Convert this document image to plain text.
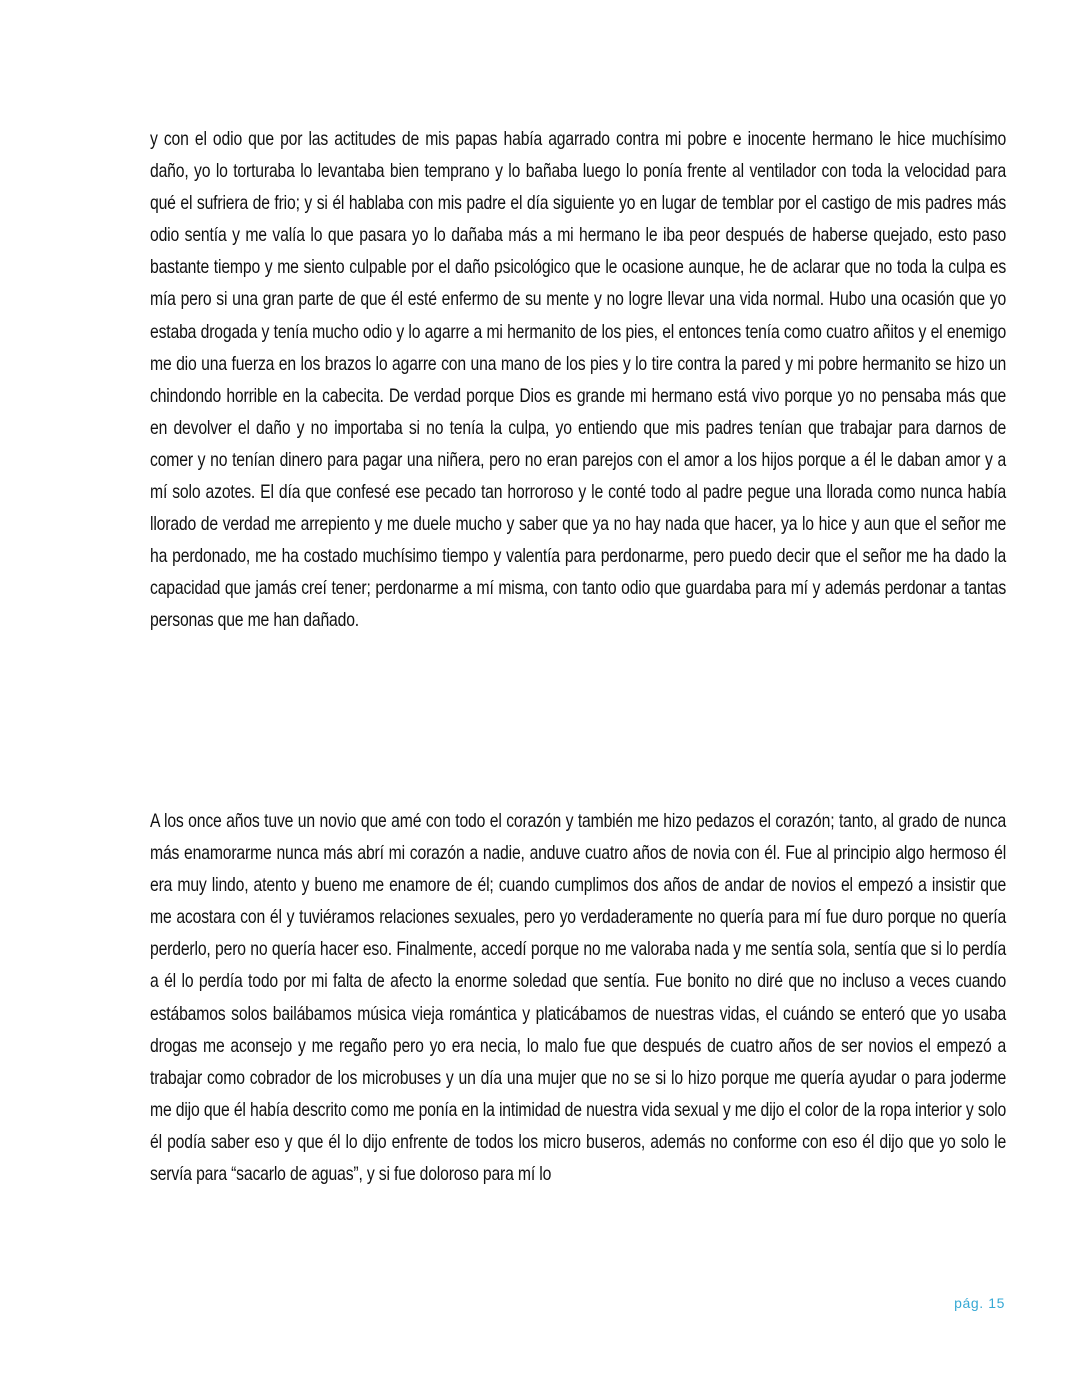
y con el odio que por las actitudes de mis papas había agarrado contra mi pobre e inocente hermano le hice muchísimo daño, yo lo torturaba lo levantaba bien temprano y lo bañaba luego lo ponía frente al ventilador con toda la velocidad para qué el sufriera de frio; y si él hablaba con mis padre el día siguiente yo en lugar de temblar por el castigo de mis padres más odio sentía y me valía lo que pasara yo lo dañaba más a mi hermano le iba peor después de haberse quejado, esto paso bastante tiempo y me siento culpable por el daño psicológico que le ocasione aunque, he de aclarar que no toda la culpa es mía pero si una gran parte de que él esté enfermo de su mente y no logre llevar una vida normal. Hubo una ocasión que yo estaba drogada y tenía mucho odio y lo agarre a mi hermanito de los pies, el entonces tenía como cuatro añitos y el enemigo me dio una fuerza en los brazos lo agarre con una mano de los pies y lo tire contra la pared y mi pobre hermanito se hizo un chindondo horrible en la cabecita. De verdad porque Dios es grande mi hermano está vivo porque yo no pensaba más que en devolver el daño y no importaba si no tenía la culpa, yo entiendo que mis padres tenían que trabajar para darnos de comer y no tenían dinero para pagar una niñera, pero no eran parejos con el amor a los hijos porque a él le daban amor y a mí solo azotes. El día que confesé ese pecado tan horroroso y le conté todo al padre pegue una llorada como nunca había llorado de verdad me arrepiento y me duele mucho y saber que ya no hay nada que hacer, ya lo hice y aun que el señor me ha perdonado, me ha costado muchísimo tiempo y valentía para perdonarme, pero puedo decir que el señor me ha dado la capacidad que jamás creí tener; perdonarme a mí misma, con tanto odio que guardaba para mí y además perdonar a tantas personas que me han dañado.

A los once años tuve un novio que amé con todo el corazón y también me hizo pedazos el corazón; tanto, al grado de nunca más enamorarme nunca más abrí mi corazón a nadie, anduve cuatro años de novia con él. Fue al principio algo hermoso él era muy lindo, atento y bueno me enamore de él; cuando cumplimos dos años de andar de novios el empezó a insistir que me acostara con él y tuviéramos relaciones sexuales, pero yo verdaderamente no quería para mí fue duro porque no quería perderlo, pero no quería hacer eso. Finalmente, accedí porque no me valoraba nada y me sentía sola, sentía que si lo perdía a él lo perdía todo por mi falta de afecto la enorme soledad que sentía. Fue bonito no diré que no incluso a veces cuando estábamos solos bailábamos música vieja romántica y platicábamos de nuestras vidas, el cuándo se enteró que yo usaba drogas me aconsejo y me regaño pero yo era necia, lo malo fue que después de cuatro años de ser novios el empezó a trabajar como cobrador de los microbuses y un día una mujer que no se si lo hizo porque me quería ayudar o para joderme me dijo que él había descrito como me ponía en la intimidad de nuestra vida sexual y me dijo el color de la ropa interior y solo él podía saber eso y que él lo dijo enfrente de todos los micro buseros, además no conforme con eso él dijo que yo solo le servía para “sacarlo de aguas”, y si fue doloroso para mí lo

pág. 15
